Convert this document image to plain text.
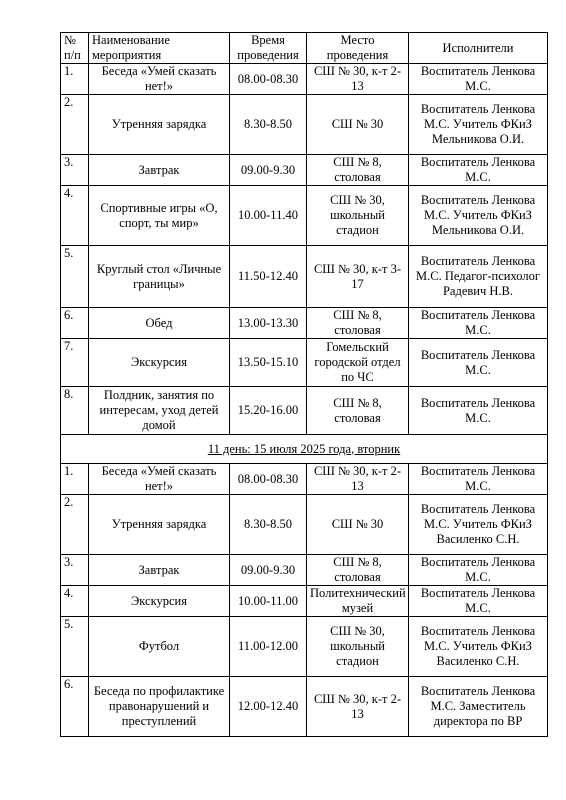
№ п/п	Наименование мероприятия	Время проведения	Место проведения	Исполнители
1.	Беседа «Умей сказать нет!»	08.00-08.30	СШ № 30, к-т 2-13	Воспитатель Ленкова М.С.
2.	Утренняя зарядка	8.30-8.50	СШ № 30	Воспитатель Ленкова М.С. Учитель ФКиЗ Мельникова О.И.
3.	Завтрак	09.00-9.30	СШ № 8, столовая	Воспитатель Ленкова М.С.
4.	Спортивные игры «О, спорт, ты мир»	10.00-11.40	СШ № 30, школьный стадион	Воспитатель Ленкова М.С. Учитель ФКиЗ Мельникова О.И.
5.	Круглый стол «Личные границы»	11.50-12.40	СШ № 30, к-т 3-17	Воспитатель Ленкова М.С. Педагог-психолог Радевич Н.В.
6.	Обед	13.00-13.30	СШ № 8, столовая	Воспитатель Ленкова М.С.
7.	Экскурсия	13.50-15.10	Гомельский городской отдел по ЧС	Воспитатель Ленкова М.С.
8.	Полдник, занятия по интересам, уход детей домой	15.20-16.00	СШ № 8, столовая	Воспитатель Ленкова М.С.
11 день: 15 июля 2025 года, вторник				
1.	Беседа «Умей сказать нет!»	08.00-08.30	СШ № 30, к-т 2-13	Воспитатель Ленкова М.С.
2.	Утренняя зарядка	8.30-8.50	СШ № 30	Воспитатель Ленкова М.С. Учитель ФКиЗ Василенко С.Н.
3.	Завтрак	09.00-9.30	СШ № 8, столовая	Воспитатель Ленкова М.С.
4.	Экскурсия	10.00-11.00	Политехнический музей	Воспитатель Ленкова М.С.
5.	Футбол	11.00-12.00	СШ № 30, школьный стадион	Воспитатель Ленкова М.С. Учитель ФКиЗ Василенко С.Н.
6.	Беседа по профилактике правонарушений и преступлений	12.00-12.40	СШ № 30, к-т 2-13	Воспитатель Ленкова М.С. Заместитель директора по ВР
